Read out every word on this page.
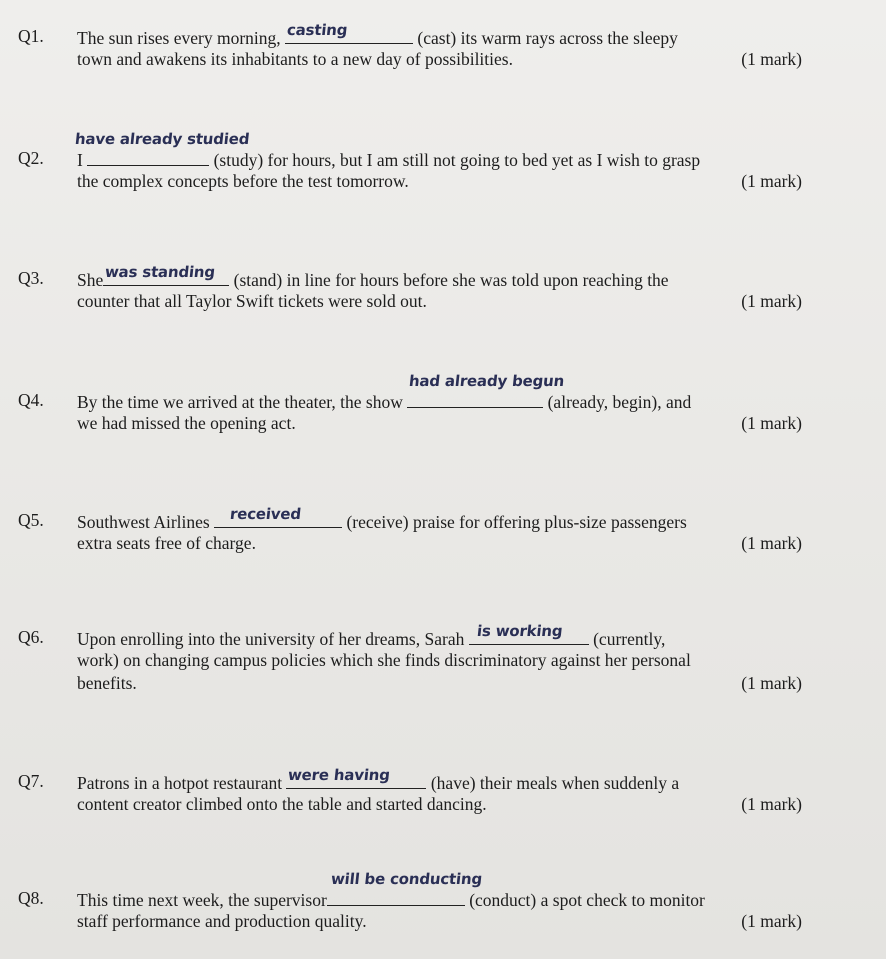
Q1. The sun rises every morning, casting	(cast) its warm rays across the sleepy
town and awakens its inhabitants to a new day of possibilities.	(1 mark)
Q2. I
have already studied
(study) for hours, but I am still not going to bed yet as I wish to grasp
the complex concepts before the test tomorrow.	(1 mark)
Q3. She was standing (stand) in line for hours before she was told upon reaching the
counter that all Taylor Swift tickets were sold out.	(1 mark)
Q4. By the time we arrived at the theater, the show
had already begun
(already, begin), and
we had missed the opening act.	(1 mark)
Q5. Southwest Airlines received (receive) praise for offering plus-size passengers
extra seats free of charge.	(1 mark)
Q6. Upon enrolling into the university of her dreams, Sarah is working (currently,
work) on changing campus policies which she finds discriminatory against her personal
benefits.	(1 mark)
Q7. Patrons in a hotpot restaurant were having (have) their meals when suddenly a
content creator climbed onto the table and started dancing.	(1 mark)
Q8. This time next week, the supervisor
will be conducting
(conduct) a spot check to monitor
staff performance and production quality.	(1 mark)
